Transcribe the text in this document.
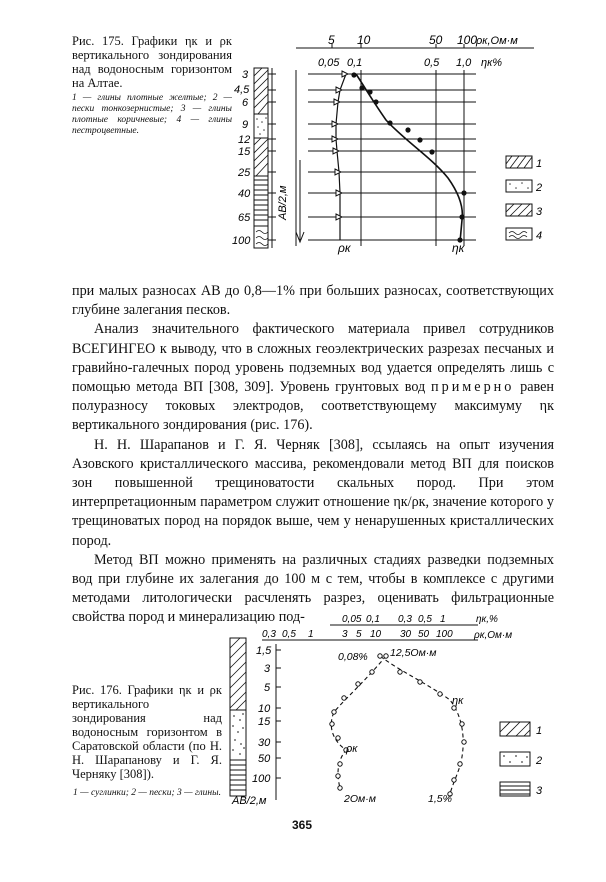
Рис. 175. Графики ηк и ρк вертикального зондирования над водоносным горизонтом на Алтае.
1 — глины плотные желтые; 2 — пески тонкозернистые; 3 — глины плотные коричневые; 4 — глины пестроцветные.
5 10	50 100
ρк,Ом·м
0,05 0,1	0,5 1,0 ηк%
3
4,5
6
9
12
15
25
40
65
100
AB/2,м
ρк	ηк
1
2
3
4

при малых разносах AB до 0,8—1% при больших разносах, соответствующих глубине залегания песков.

Анализ значительного фактического материала привел сотрудников ВСЕГИНГЕО к выводу, что в сложных геоэлектрических разрезах песчаных и гравийно-галечных пород уровень подземных вод удается определять лишь с помощью метода ВП [308, 309]. Уровень грунтовых вод примерно равен полуразносу токовых электродов, соответствующему максимуму ηк вертикального зондирования (рис. 176).

Н. Н. Шарапанов и Г. Я. Черняк [308], ссылаясь на опыт изучения Азовского кристаллического массива, рекомендовали метод ВП для поисков зон повышенной трещиноватости скальных пород. При этом интерпретационным параметром служит отношение ηк/ρк, значение которого у трещиноватых пород на порядок выше, чем у ненарушенных кристаллических пород.

Метод ВП можно применять на различных стадиях разведки подземных вод при глубине их залегания до 100 м с тем, чтобы в комплексе с другими методами литологически расчленять разрез, оценивать фильтрационные свойства пород и минерализацию под-

Рис. 176. Графики ηк и ρк вертикального зондирования над водоносным горизонтом в Саратовской области (по Н. Н. Шарапанову и Г. Я. Черняку [308]).
1 — суглинки; 2 — пески; 3 — глины.
0,05 0,1 0,3 0,5 1	ηк,%
0,3 0,5 1	3 5 10 30 50 100 ρк,Ом·м
1,5
3
5
10
15
30
50
100
AB/2,м
ρк
ηк
0,08% 12,5Ом·м
2Ом·м	1,5%
1
2
3
365
